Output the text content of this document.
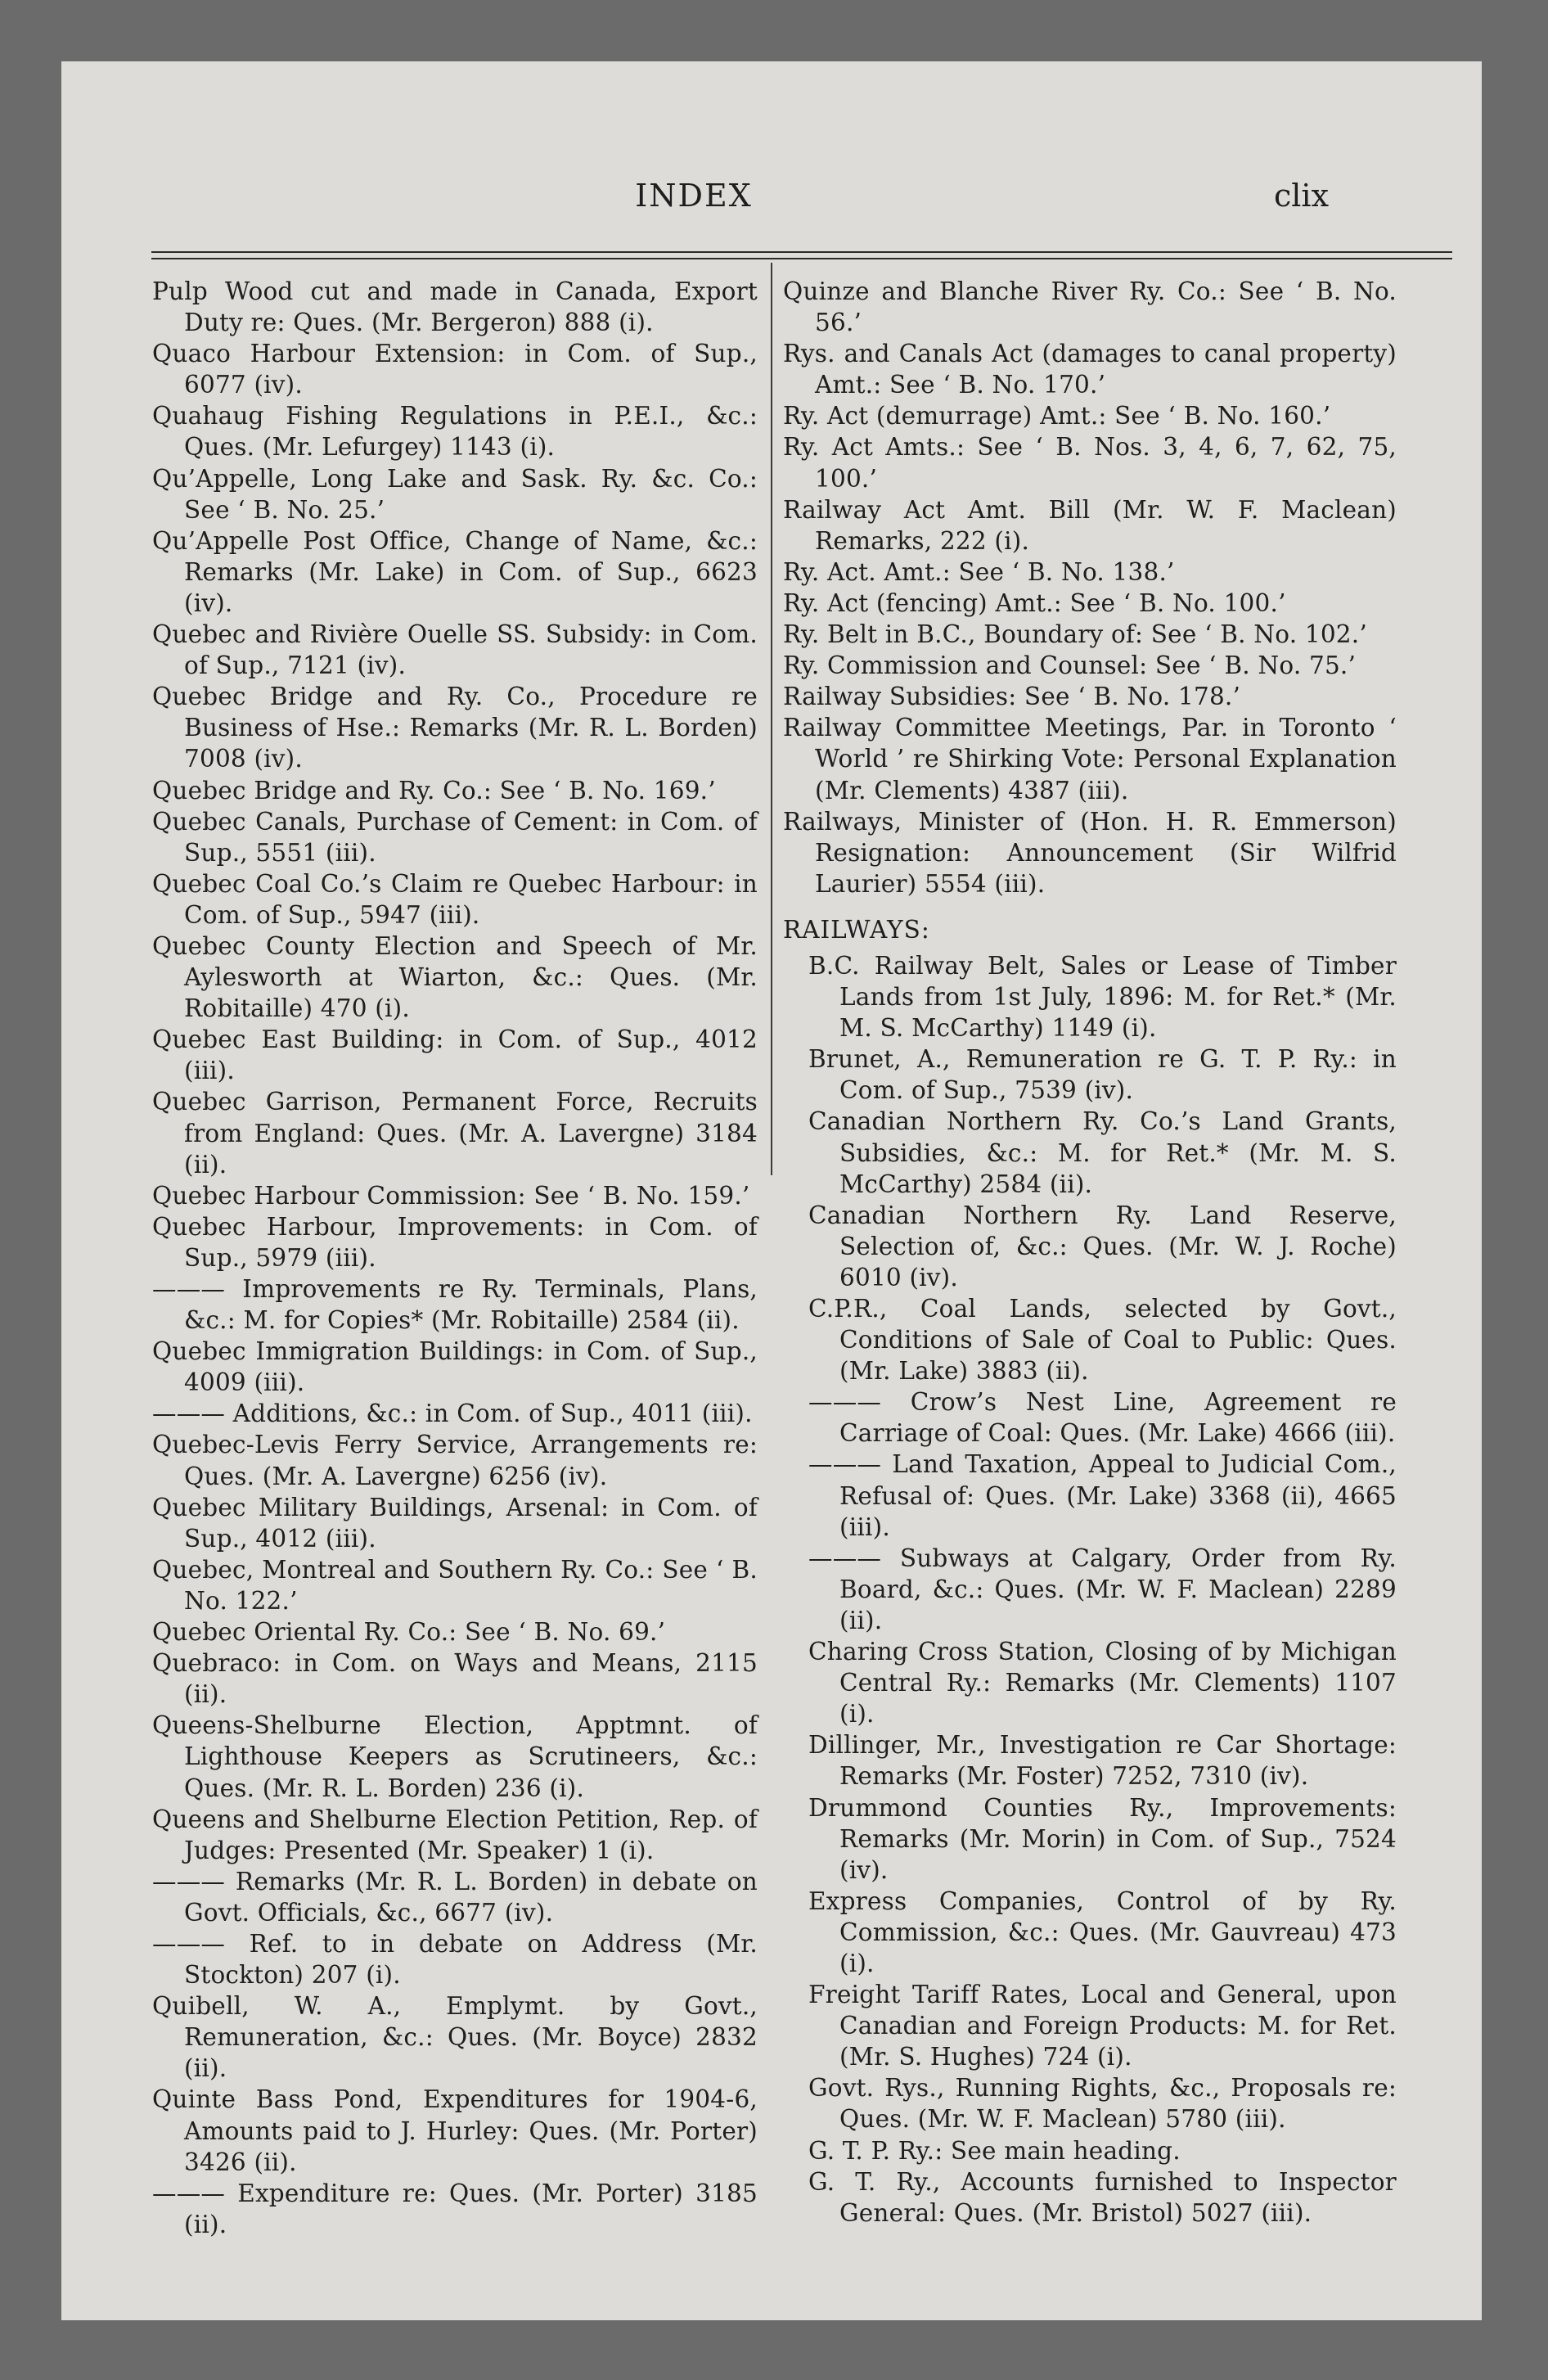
INDEX	clix

Pulp Wood cut and made in Canada, Export Duty re: Ques. (Mr. Bergeron) 888 (i).

Quaco Harbour Extension: in Com. of Sup., 6077 (iv).

Quahaug Fishing Regulations in P.E.I., &c.: Ques. (Mr. Lefurgey) 1143 (i).

Qu’Appelle, Long Lake and Sask. Ry. &c. Co.: See ‘ B. No. 25.’

Qu’Appelle Post Office, Change of Name, &c.: Remarks (Mr. Lake) in Com. of Sup., 6623 (iv).

Quebec and Rivière Ouelle SS. Subsidy: in Com. of Sup., 7121 (iv).

Quebec Bridge and Ry. Co., Procedure re Business of Hse.: Remarks (Mr. R. L. Borden) 7008 (iv).

Quebec Bridge and Ry. Co.: See ‘ B. No. 169.’

Quebec Canals, Purchase of Cement: in Com. of Sup., 5551 (iii).

Quebec Coal Co.’s Claim re Quebec Harbour: in Com. of Sup., 5947 (iii).

Quebec County Election and Speech of Mr. Aylesworth at Wiarton, &c.: Ques. (Mr. Robitaille) 470 (i).

Quebec East Building: in Com. of Sup., 4012 (iii).

Quebec Garrison, Permanent Force, Recruits from England: Ques. (Mr. A. Lavergne) 3184 (ii).

Quebec Harbour Commission: See ‘ B. No. 159.’

Quebec Harbour, Improvements: in Com. of Sup., 5979 (iii).

——— Improvements re Ry. Terminals, Plans, &c.: M. for Copies* (Mr. Robitaille) 2584 (ii).

Quebec Immigration Buildings: in Com. of Sup., 4009 (iii).

——— Additions, &c.: in Com. of Sup., 4011 (iii).

Quebec-Levis Ferry Service, Arrangements re: Ques. (Mr. A. Lavergne) 6256 (iv).

Quebec Military Buildings, Arsenal: in Com. of Sup., 4012 (iii).

Quebec, Montreal and Southern Ry. Co.: See ‘ B. No. 122.’

Quebec Oriental Ry. Co.: See ‘ B. No. 69.’

Quebraco: in Com. on Ways and Means, 2115 (ii).

Queens-Shelburne Election, Apptmnt. of Lighthouse Keepers as Scrutineers, &c.: Ques. (Mr. R. L. Borden) 236 (i).

Queens and Shelburne Election Petition, Rep. of Judges: Presented (Mr. Speaker) 1 (i).

——— Remarks (Mr. R. L. Borden) in debate on Govt. Officials, &c., 6677 (iv).

——— Ref. to in debate on Address (Mr. Stockton) 207 (i).

Quibell, W. A., Emplymt. by Govt., Remuneration, &c.: Ques. (Mr. Boyce) 2832 (ii).

Quinte Bass Pond, Expenditures for 1904-6, Amounts paid to J. Hurley: Ques. (Mr. Porter) 3426 (ii).

——— Expenditure re: Ques. (Mr. Porter) 3185 (ii).

Quinze and Blanche River Ry. Co.: See ‘ B. No. 56.’

Rys. and Canals Act (damages to canal property) Amt.: See ‘ B. No. 170.’

Ry. Act (demurrage) Amt.: See ‘ B. No. 160.’

Ry. Act Amts.: See ‘ B. Nos. 3, 4, 6, 7, 62, 75, 100.’

Railway Act Amt. Bill (Mr. W. F. Maclean) Remarks, 222 (i).

Ry. Act. Amt.: See ‘ B. No. 138.’

Ry. Act (fencing) Amt.: See ‘ B. No. 100.’

Ry. Belt in B.C., Boundary of: See ‘ B. No. 102.’

Ry. Commission and Counsel: See ‘ B. No. 75.’

Railway Subsidies: See ‘ B. No. 178.’

Railway Committee Meetings, Par. in Toronto ‘ World ’ re Shirking Vote: Personal Explanation (Mr. Clements) 4387 (iii).

Railways, Minister of (Hon. H. R. Emmerson) Resignation: Announcement (Sir Wilfrid Laurier) 5554 (iii).

RAILWAYS:

B.C. Railway Belt, Sales or Lease of Timber Lands from 1st July, 1896: M. for Ret.* (Mr. M. S. McCarthy) 1149 (i).

Brunet, A., Remuneration re G. T. P. Ry.: in Com. of Sup., 7539 (iv).

Canadian Northern Ry. Co.’s Land Grants, Subsidies, &c.: M. for Ret.* (Mr. M. S. McCarthy) 2584 (ii).

Canadian Northern Ry. Land Reserve, Selection of, &c.: Ques. (Mr. W. J. Roche) 6010 (iv).

C.P.R., Coal Lands, selected by Govt., Conditions of Sale of Coal to Public: Ques. (Mr. Lake) 3883 (ii).

——— Crow’s Nest Line, Agreement re Carriage of Coal: Ques. (Mr. Lake) 4666 (iii).

——— Land Taxation, Appeal to Judicial Com., Refusal of: Ques. (Mr. Lake) 3368 (ii), 4665 (iii).

——— Subways at Calgary, Order from Ry. Board, &c.: Ques. (Mr. W. F. Maclean) 2289 (ii).

Charing Cross Station, Closing of by Michigan Central Ry.: Remarks (Mr. Clements) 1107 (i).

Dillinger, Mr., Investigation re Car Shortage: Remarks (Mr. Foster) 7252, 7310 (iv).

Drummond Counties Ry., Improvements: Remarks (Mr. Morin) in Com. of Sup., 7524 (iv).

Express Companies, Control of by Ry. Commission, &c.: Ques. (Mr. Gauvreau) 473 (i).

Freight Tariff Rates, Local and General, upon Canadian and Foreign Products: M. for Ret. (Mr. S. Hughes) 724 (i).

Govt. Rys., Running Rights, &c., Proposals re: Ques. (Mr. W. F. Maclean) 5780 (iii).

G. T. P. Ry.: See main heading.

G. T. Ry., Accounts furnished to Inspector General: Ques. (Mr. Bristol) 5027 (iii).
